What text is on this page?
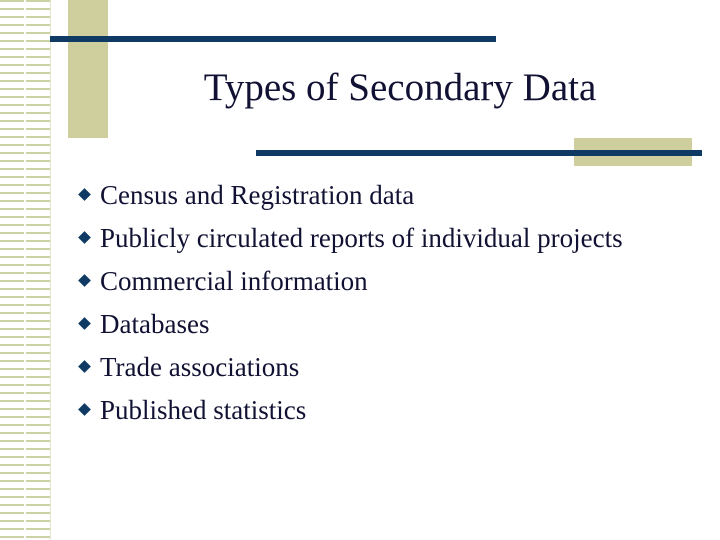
Types of Secondary Data
Census and Registration data
Publicly circulated reports of individual projects
Commercial information
Databases
Trade associations
Published statistics
